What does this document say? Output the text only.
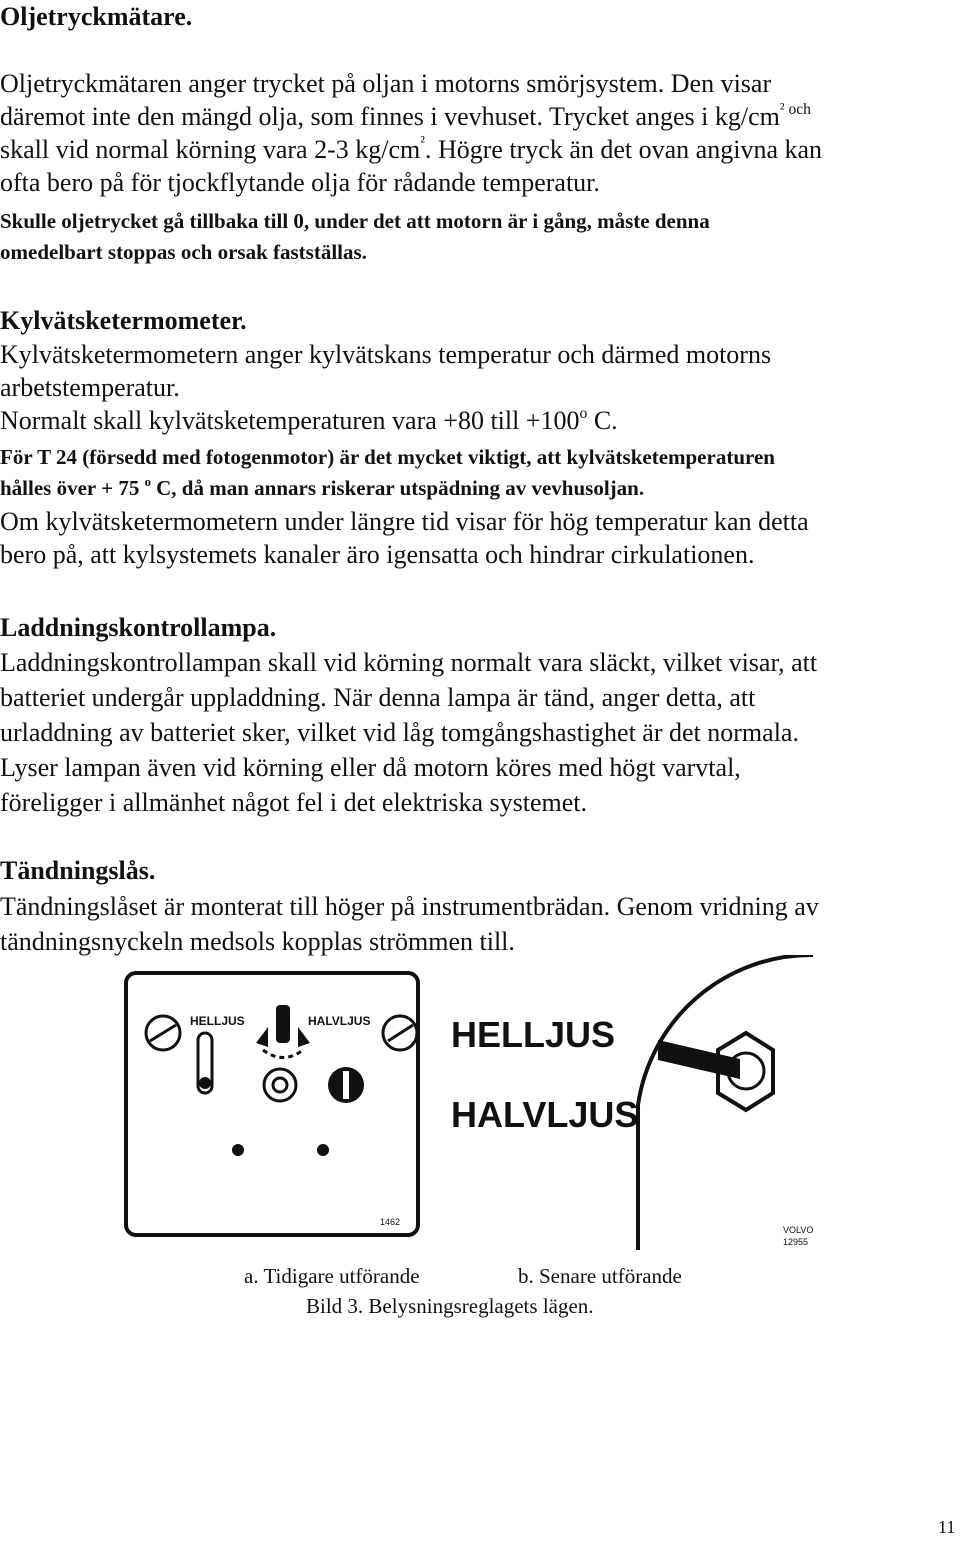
Oljetryckmätare.
Oljetryckmätaren anger trycket på oljan i motorns smörjsystem. Den visar
däremot inte den mängd olja, som finnes i vevhuset. Trycket anges i $kg/cm^{^2 och}$
skall vid normal körning vara 2-3 $kg/cm^{^2}$. Högre tryck än det ovan angivna kan
ofta bero på för tjockflytande olja för rådande temperatur.
Skulle oljetrycket gå tillbaka till 0, under det att motorn är i gång, måste denna
omedelbart stoppas och orsak fastställas.
Kylvätsketermometer.
Kylvätsketermometern anger kylvätskans temperatur och därmed motorns
arbetstemperatur.
Normalt skall kylvätsketemperaturen vara +80 till $+100^o$ C.
För T 24 (försedd med fotogenmotor) är det mycket viktigt, att kylvätsketemperaturen
hålles över + 75 $^o$ C, då man annars riskerar utspädning av vevhusoljan.
Om kylvätsketermometern under längre tid visar för hög temperatur kan detta
bero på, att kylsystemets kanaler äro igensatta och hindrar cirkulationen.
Laddningskontrollampa.
Laddningskontrollampan skall vid körning normalt vara släckt, vilket visar, att
batteriet undergår uppladdning. När denna lampa är tänd, anger detta, att
urladdning av batteriet sker, vilket vid låg tomgångshastighet är det normala.
Lyser lampan även vid körning eller då motorn köres med högt varvtal,
föreligger i allmänhet något fel i det elektriska systemet.
Tändningslås.
Tändningslåset är monterat till höger på instrumentbrädan. Genom vridning av
tändningsnyckeln medsols kopplas strömmen till.
HELLJUS	HALVLJUS
1462
HELLJUS
HALVLJUS
VOLVO
12955
a. Tidigare utförande	b. Senare utförande
Bild 3. Belysningsreglagets lägen.
11
